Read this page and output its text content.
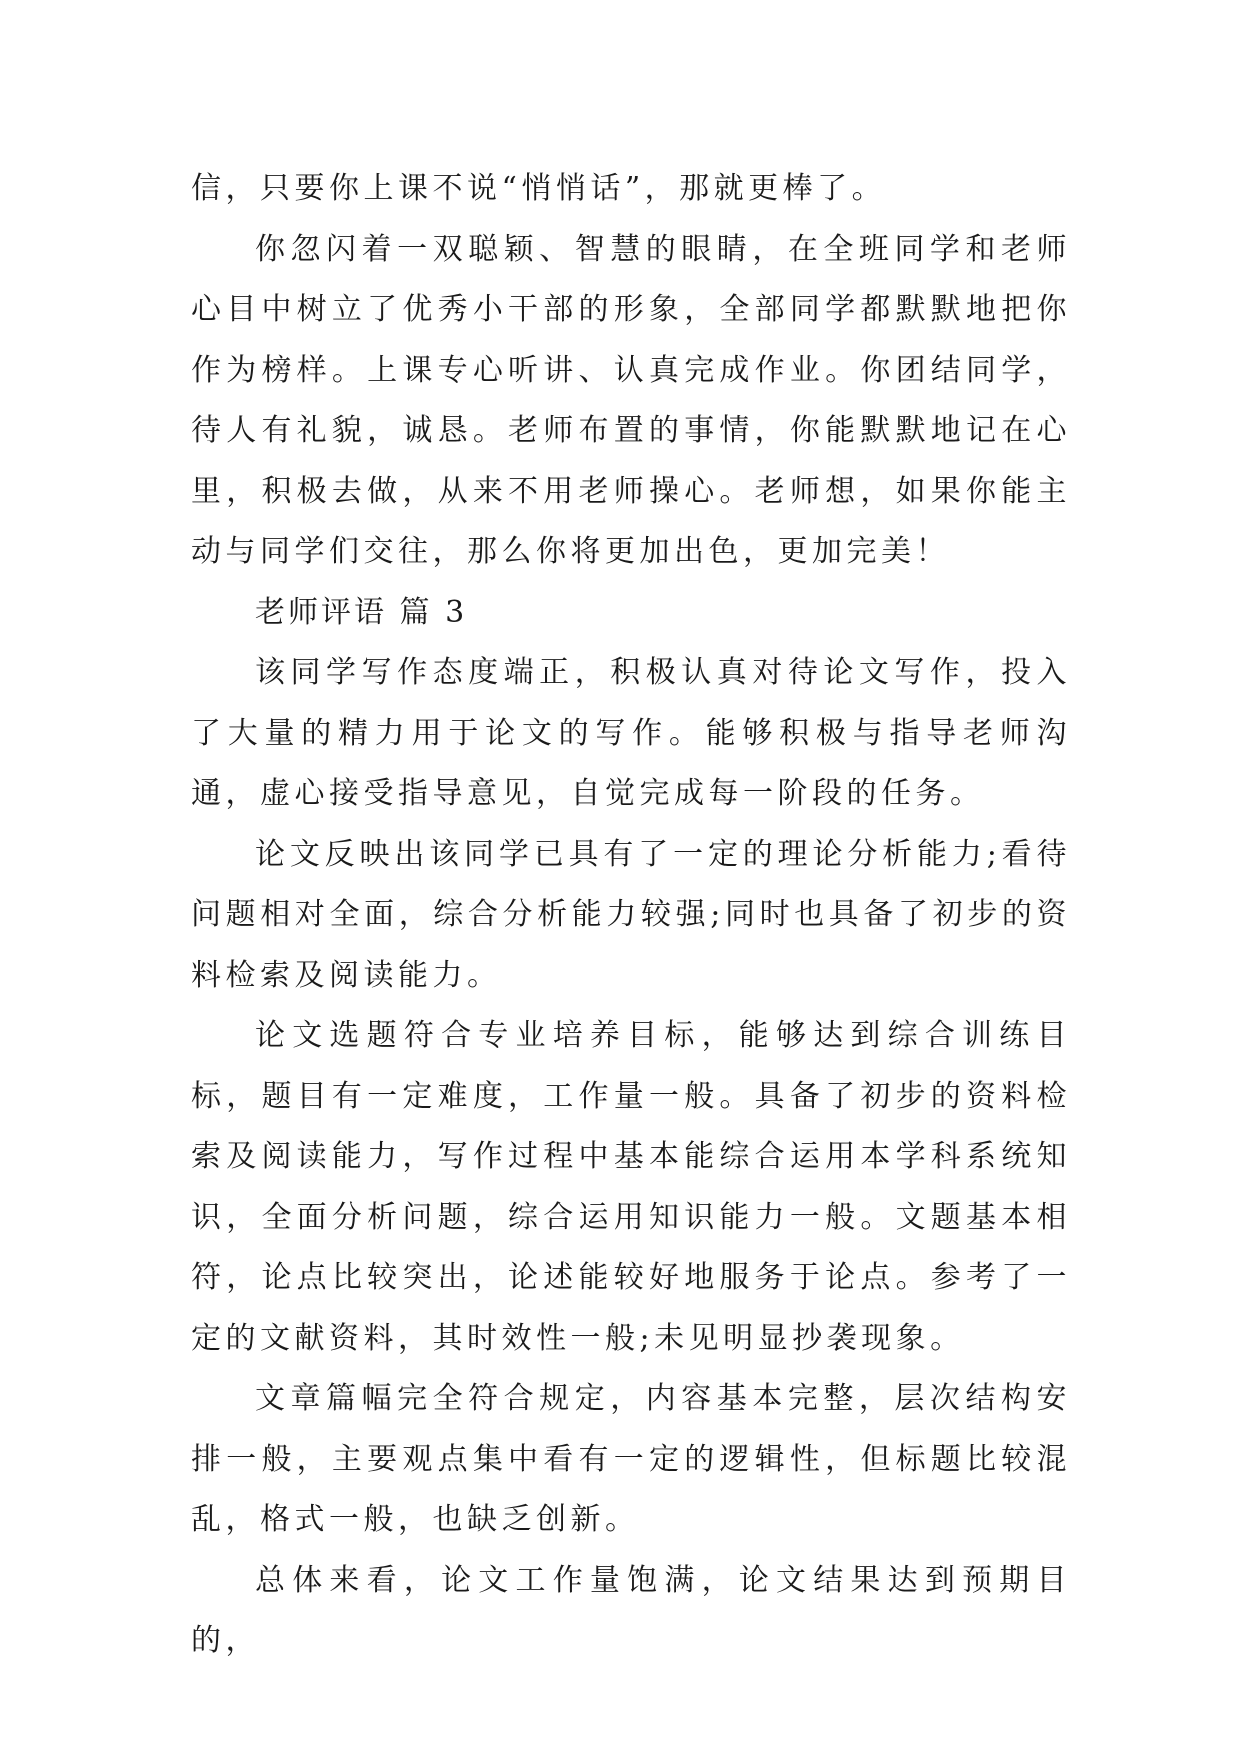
信，只要你上课不说“悄悄话”，那就更棒了。

你忽闪着一双聪颖、智慧的眼睛，在全班同学和老师心目中树立了优秀小干部的形象，全部同学都默默地把你作为榜样。上课专心听讲、认真完成作业。你团结同学，待人有礼貌，诚恳。老师布置的事情，你能默默地记在心里，积极去做，从来不用老师操心。老师想，如果你能主动与同学们交往，那么你将更加出色，更加完美！

老师评语 篇 3

该同学写作态度端正，积极认真对待论文写作，投入了大量的精力用于论文的写作。能够积极与指导老师沟通，虚心接受指导意见，自觉完成每一阶段的任务。

论文反映出该同学已具有了一定的理论分析能力;看待问题相对全面，综合分析能力较强;同时也具备了初步的资料检索及阅读能力。

论文选题符合专业培养目标，能够达到综合训练目标，题目有一定难度，工作量一般。具备了初步的资料检索及阅读能力，写作过程中基本能综合运用本学科系统知识，全面分析问题，综合运用知识能力一般。文题基本相符，论点比较突出，论述能较好地服务于论点。参考了一定的文献资料，其时效性一般;未见明显抄袭现象。

文章篇幅完全符合规定，内容基本完整，层次结构安排一般，主要观点集中看有一定的逻辑性，但标题比较混乱，格式一般，也缺乏创新。

总体来看，论文工作量饱满，论文结果达到预期目的，
